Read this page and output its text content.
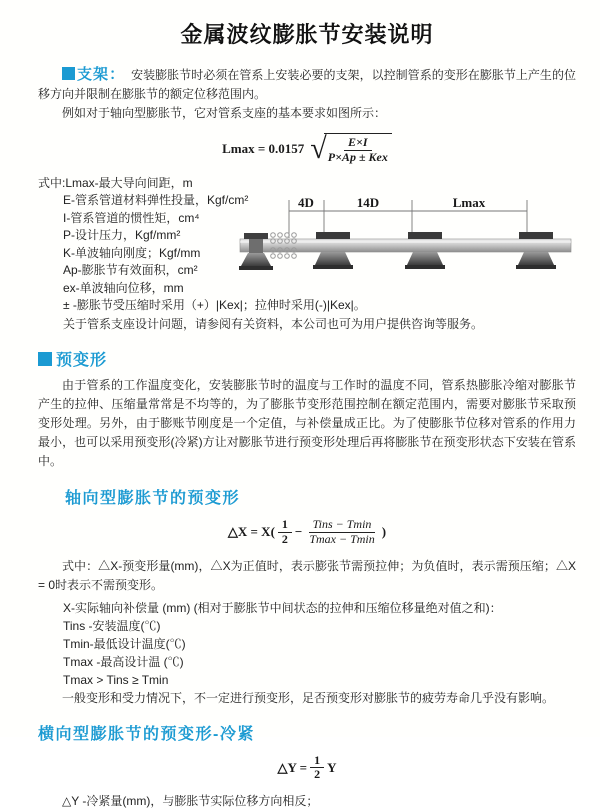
金属波纹膨胀节安装说明

支架： 安装膨胀节时必须在管系上安装必要的支架，以控制管系的变形在膨胀节上产生的位移方向并限制在膨胀节的额定位移范围内。

例如对于轴向型膨胀节，它对管系支座的基本要求如图所示：

Lmax = 0.0157 √
$\frac{E\times I}{\text{P×Ap ± Kex}}$
式中:Lmax-最大导向间距，m
E-管系管道材料弹性投量，Kgf/cm²
I-管系管道的惯性矩，cm⁴
P-设计压力，Kgf/mm²
K-单波轴向刚度；Kgf/mm
Ap-膨胀节有效面积，cm²
ex-单波轴向位移，mm
± -膨胀节受压缩时采用（+）|Kex|；拉伸时采用(-)|Kex|。
关于管系支座设计问题，请参阅有关资料，本公司也可为用户提供咨询等服务。
4D	14D	Lmax
预变形

由于管系的工作温度变化，安装膨胀节时的温度与工作时的温度不同，管系热膨胀冷缩对膨胀节产生的拉伸、压缩量常常是不均等的，为了膨胀节变形范围控制在额定范围内，需要对膨胀节采取预变形处理。另外，由于膨账节刚度是一个定值，与补偿量成正比。为了使膨胀节位移对管系的作用力最小，也可以采用预变形(冷紧)方让对膨胀节进行预变形处理后再将膨胀节在预变形状态下安装在管系中。

轴向型膨胀节的预变形
△X = $X( \frac{1}{2} - \frac{\text{Tins − Tmin}}{Tmax - Tmin}$ )

式中：△X-预变形量(mm)，△X为正值时，表示膨张节需预拉伸；为负值时，表示需预压缩；△X = 0时表示不需预变形。

X-实际轴向补偿量 (mm) (相对于膨胀节中间状态的拉伸和压缩位移量绝对值之和)：
Tins -安装温度(℃)
Tmin-最低设计温度(℃)
Tmax -最高设计温 (℃)
Tmax > Tins ≥ Tmin
一般变形和受力情况下，不一定进行预变形，足否预变形对膨胀节的疲劳寿命几乎没有影响。
横向型膨胀节的预变形-冷紧
△Y = $\frac{1}{2}$ Y

△Y -冷紧量(mm)，与膨胀节实际位移方向相反；
